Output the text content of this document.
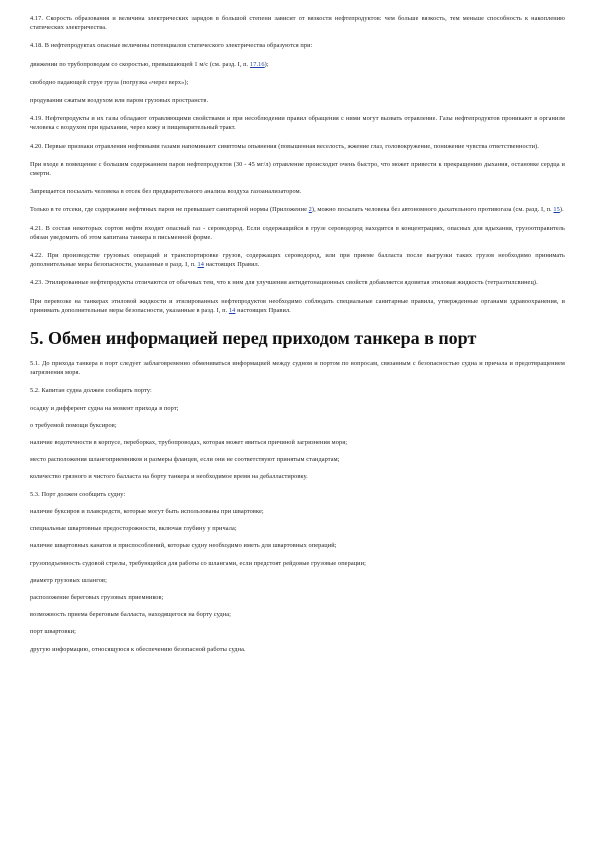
4.17. Скорость образования и величина электрических зарядов в большой степени зависит от вязкости нефтепродуктов: чем больше вязкость, тем меньше способность к накоплению статических электричества.

4.18. В нефтепродуктах опасные величины потенциалов статического электричества образуются при:

движении по трубопроводам со скоростью, превышающей 1 м/с (см. разд. I, п. 17.16);

свободно падающей струе груза (погрузка «через верх»);

продувании сжатым воздухом или паром грузовых пространств.

4.19. Нефтепродукты и их газы обладают отравляющими свойствами и при несоблюдении правил обращения с ними могут вызвать отравление. Газы нефтепродуктов проникают в организм человека с воздухом при вдыхании, через кожу и пищеварительный тракт.

4.20. Первые признаки отравления нефтяными газами напоминают симптомы опьянения (повышенная веселость, жжение глаз, головокружение, понижение чувства ответственности).

При входе в помещение с большим содержанием паров нефтепродуктов (30 - 45 мг/л) отравление происходит очень быстро, что может привести к прекращению дыхания, остановке сердца и смерти.

Запрещается посылать человека в отсек без предварительного анализа воздуха газоанализатором.

Только в те отсеки, где содержание нефтяных паров не превышает санитарной нормы (Приложение 2), можно посылать человека без автономного дыхательного противогаза (см. разд. I, п. 15).

4.21. В состав некоторых сортов нефти входит опасный газ - сероводород. Если содержащийся в грузе сероводород находится в концентрациях, опасных для вдыхания, грузоотправитель обязан уведомить об этом капитана танкера в письменной форме.

4.22. При производстве грузовых операций и транспортировке грузов, содержащих сероводород, или при приеме балласта после выгрузки таких грузов необходимо принимать дополнительные меры безопасности, указанные в разд. I, п. 14 настоящих Правил.

4.23. Этилированные нефтепродукты отличаются от обычных тем, что к ним для улучшения антидетонационных свойств добавляется ядовитая этиловая жидкость (тетраэтилсвинец).

При перевозке на танкерах этиловой жидкости и этилированных нефтепродуктов необходимо соблюдать специальные санитарные правила, утвержденные органами здравоохранения, и принимать дополнительные меры безопасности, указанные в разд. I, п. 14 настоящих Правил.

5. Обмен информацией перед приходом танкера в порт

5.1. До прихода танкера в порт следует заблаговременно обмениваться информацией между судном и портом по вопросам, связанным с безопасностью судна и причала и предотвращением загрязнения моря.

5.2. Капитан судна должен сообщить порту:

осадку и дифферент судна на момент прихода в порт;

о требуемой помощи буксиров;

наличие водотечности в корпусе, переборках, трубопроводах, которая может явиться причиной загрязнения моря;

место расположения шлангоприемников и размеры фланцев, если они не соответствуют принятым стандартам;

количество грязного и чистого балласта на борту танкера и необходимое время на дебалластировку.

5.3. Порт должен сообщить судну:

наличие буксиров и плавсредств, которые могут быть использованы при швартовке;

специальные швартовные предосторожности, включая глубину у причала;

наличие швартовных канатов и приспособлений, которые судну необходимо иметь для швартовных операций;

грузоподъемность судовой стрелы, требующейся для работы со шлангами, если предстоят рейдовые грузовые операции;

диаметр грузовых шлангов;

расположение береговых грузовых приемников;

возможность приема береговым балласта, находящегося на борту судна;

порт швартовки;

другую информацию, относящуюся к обеспечению безопасной работы судна.
